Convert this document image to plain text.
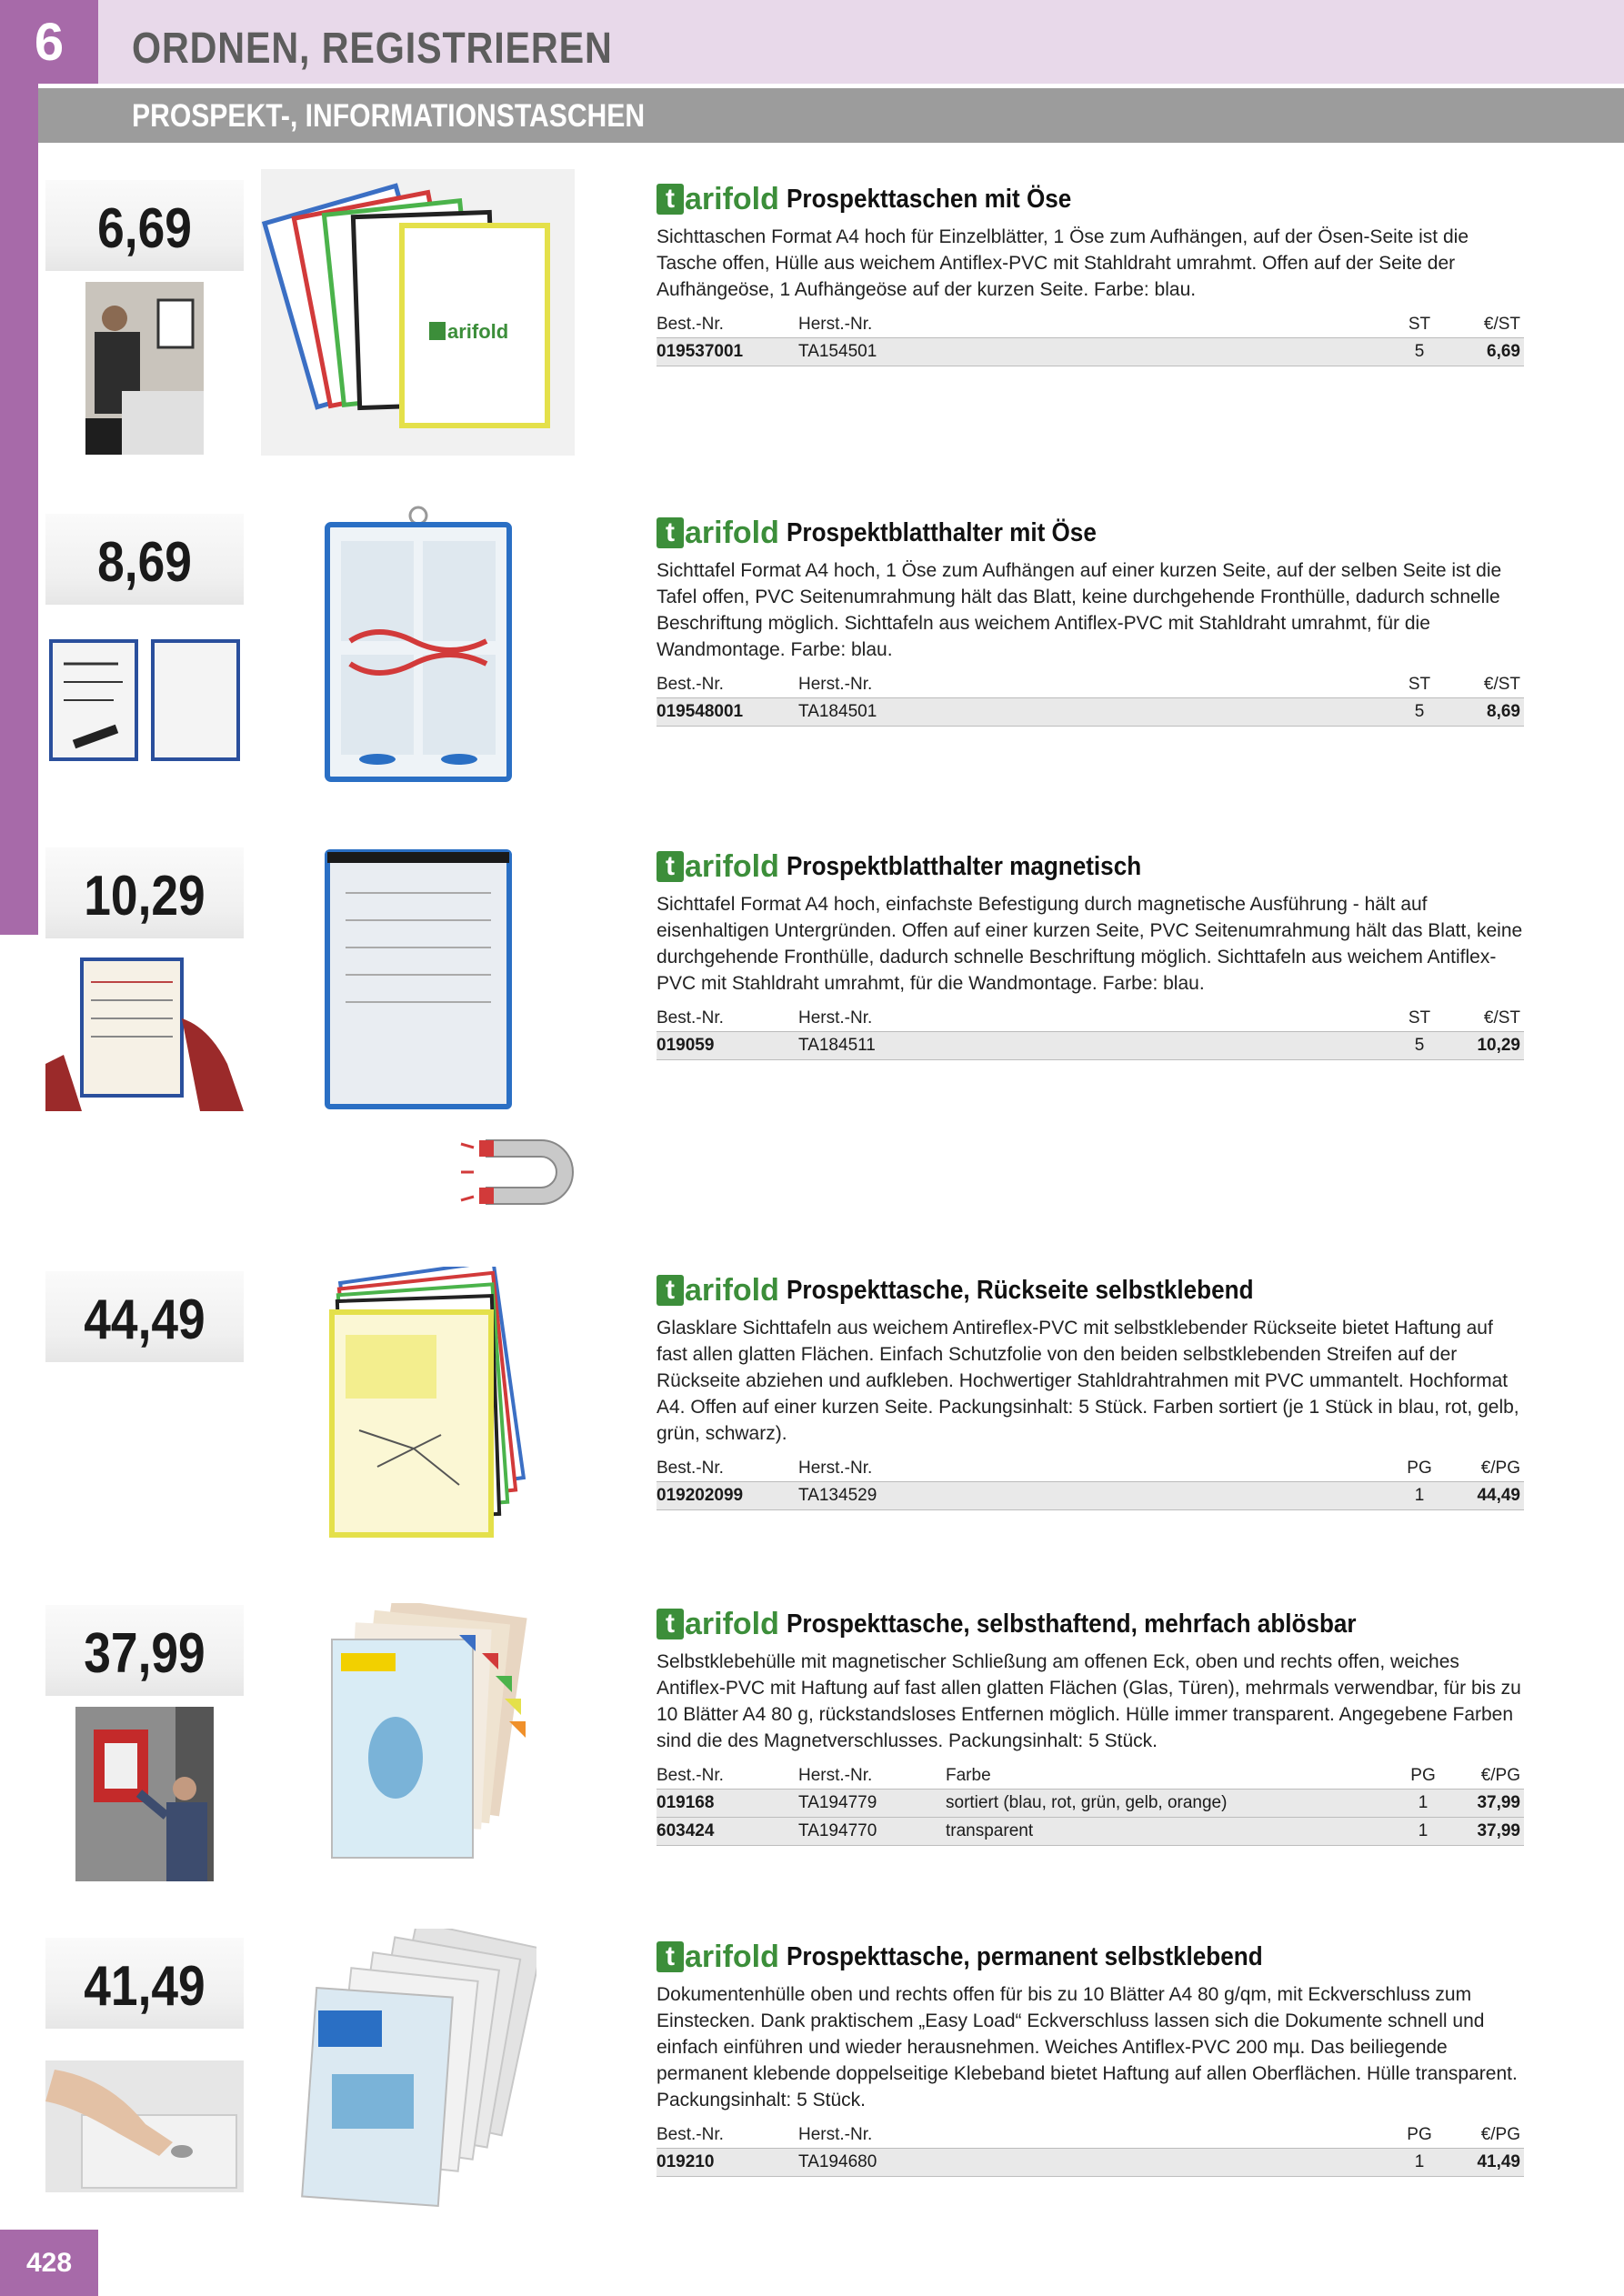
6	ORDNEN, REGISTRIEREN
PROSPEKT-, INFORMATIONSTASCHEN
6,69
arifold
t arifold Prospekttaschen mit Öse
Sichttaschen Format A4 hoch für Einzelblätter, 1 Öse zum Aufhängen, auf der Ösen-Seite ist die Tasche offen, Hülle aus weichem Antiflex-PVC mit Stahldraht umrahmt. Offen auf der Seite der Aufhängeöse, 1 Aufhängeöse auf der kurzen Seite. Farbe: blau.
Best.-Nr.	Herst.-Nr.	ST	€/ST
019537001	TA154501	5	6,69
8,69	t arifold Prospektblatthalter mit Öse
Sichttafel Format A4 hoch, 1 Öse zum Aufhängen auf einer kurzen Seite, auf der selben Seite ist die Tafel offen, PVC Seitenumrahmung hält das Blatt, keine durchgehende Fronthülle, dadurch schnelle Beschriftung möglich. Sichttafeln aus weichem Antiflex-PVC mit Stahldraht umrahmt, für die Wandmontage. Farbe: blau.
Best.-Nr.	Herst.-Nr.	ST	€/ST
019548001	TA184501	5	8,69
10,29	t arifold Prospektblatthalter magnetisch
Sichttafel Format A4 hoch, einfachste Befestigung durch magnetische Ausführung - hält auf eisenhaltigen Untergründen. Offen auf einer kurzen Seite, PVC Seitenumrahmung hält das Blatt, keine durchgehende Fronthülle, dadurch schnelle Beschriftung möglich. Sichttafeln aus weichem Antiflex-PVC mit Stahldraht umrahmt, für die Wandmontage. Farbe: blau.
Best.-Nr.	Herst.-Nr.	ST	€/ST
019059	TA184511	5	10,29
44,49	t arifold Prospekttasche, Rückseite selbstklebend
Glasklare Sichttafeln aus weichem Antireflex-PVC mit selbstklebender Rückseite bietet Haftung auf fast allen glatten Flächen. Einfach Schutzfolie von den beiden selbstklebenden Streifen auf der Rückseite abziehen und aufkleben. Hochwertiger Stahldrahtrahmen mit PVC ummantelt. Hochformat A4. Offen auf einer kurzen Seite. Packungsinhalt: 5 Stück. Farben sortiert (je 1 Stück in blau, rot, gelb, grün, schwarz).
Best.-Nr.	Herst.-Nr.	PG	€/PG
019202099	TA134529	1	44,49
37,99	t arifold Prospekttasche, selbsthaftend, mehrfach ablösbar
Selbstklebehülle mit magnetischer Schließung am offenen Eck, oben und rechts offen, weiches Antiflex-PVC mit Haftung auf fast allen glatten Flächen (Glas, Türen), mehrmals verwendbar, für bis zu 10 Blätter A4 80 g, rückstandsloses Entfernen möglich. Hülle immer transparent. Angegebene Farben sind die des Magnetverschlusses. Packungsinhalt: 5 Stück.
Best.-Nr.	Herst.-Nr.	Farbe	PG	€/PG
019168	TA194779	sortiert (blau, rot, grün, gelb, orange)	1	37,99
603424	TA194770	transparent	1	37,99
41,49	t arifold Prospekttasche, permanent selbstklebend
Dokumentenhülle oben und rechts offen für bis zu 10 Blätter A4 80 g/qm, mit Eckverschluss zum Einstecken. Dank praktischem „Easy Load“ Eckverschluss lassen sich die Dokumente schnell und einfach einführen und wieder herausnehmen. Weiches Antiflex-PVC 200 mµ. Das beiliegende permanent klebende doppelseitige Klebeband bietet Haftung auf allen Oberflächen. Hülle transparent. Packungsinhalt: 5 Stück.
Best.-Nr.	Herst.-Nr.	PG	€/PG
019210	TA194680	1	41,49
428
